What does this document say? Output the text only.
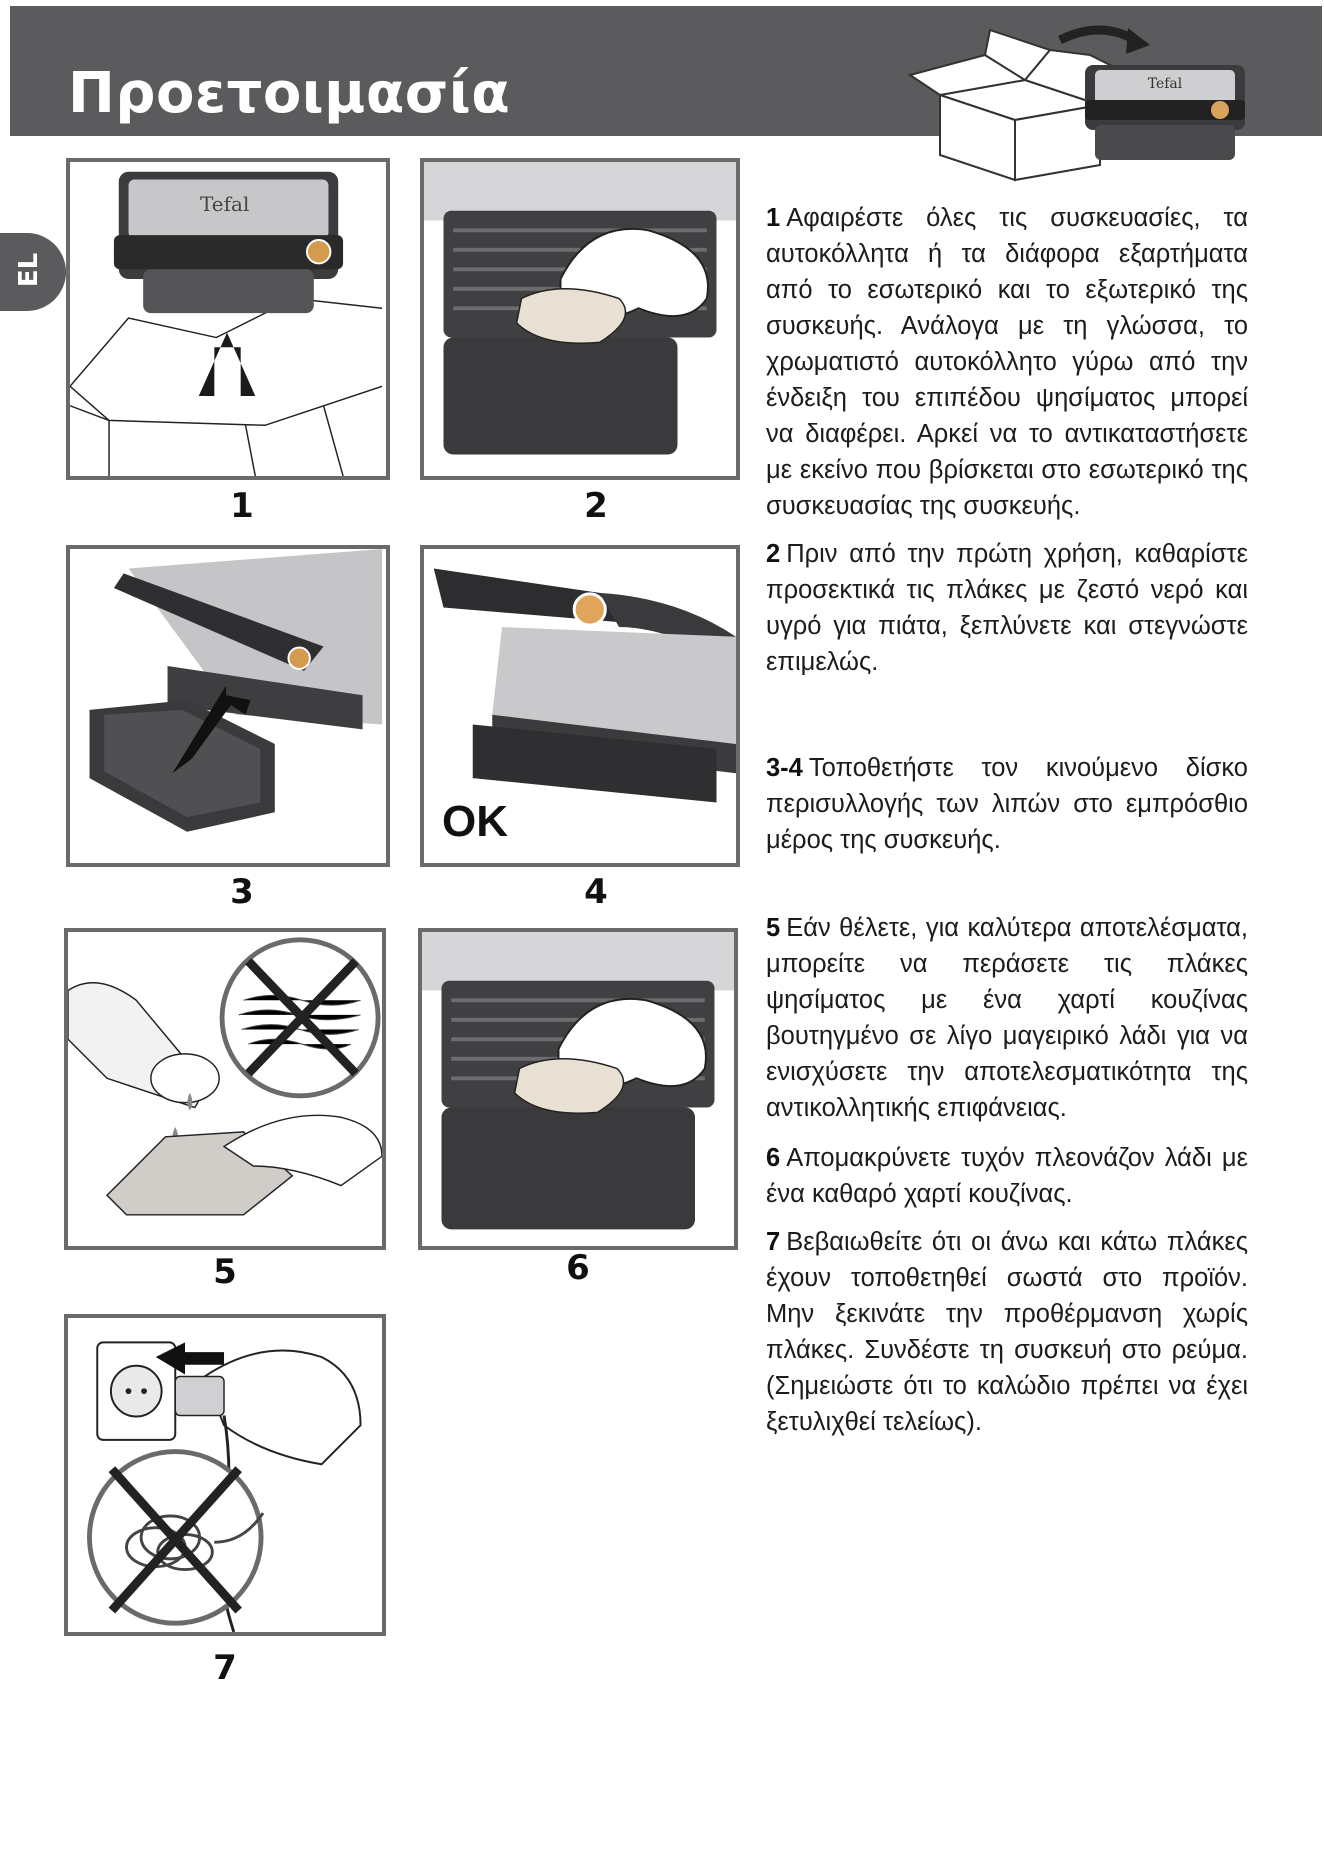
Προετοιμασία	Tefal
EL
Tefal
1	2
3
OK
4
5	6
7
1 Αφαιρέστε όλες τις συσκευασίες, τα αυτοκόλλητα ή τα διάφορα εξαρτήματα από το εσωτερικό και το εξωτερικό της συσκευής. Ανάλογα με τη γλώσσα, το χρωματιστό αυτοκόλλητο γύρω από την ένδειξη του επιπέδου ψησίματος μπορεί να διαφέρει. Αρκεί να το αντικαταστήσετε με εκείνο που βρίσκεται στο εσωτερικό της συσκευασίας της συσκευής.
2 Πριν από την πρώτη χρήση, καθαρίστε προσεκτικά τις πλάκες με ζεστό νερό και υγρό για πιάτα, ξεπλύνετε και στεγνώστε επιμελώς.
3-4 Τοποθετήστε τον κινούμενο δίσκο περισυλλογής των λιπών στο εμπρόσθιο μέρος της συσκευής.
5 Εάν θέλετε, για καλύτερα αποτελέσματα, μπορείτε να περάσετε τις πλάκες ψησίματος με ένα χαρτί κουζίνας βουτηγμένο σε λίγο μαγειρικό λάδι για να ενισχύσετε την αποτελεσματικότητα της αντικολλητικής επιφάνειας.
6 Απομακρύνετε τυχόν πλεονάζον λάδι με ένα καθαρό χαρτί κουζίνας.
7 Βεβαιωθείτε ότι οι άνω και κάτω πλάκες έχουν τοποθετηθεί σωστά στο προϊόν. Μην ξεκινάτε την προθέρμανση χωρίς πλάκες. Συνδέστε τη συσκευή στο ρεύμα. (Σημειώστε ότι το καλώδιο πρέπει να έχει ξετυλιχθεί τελείως).
